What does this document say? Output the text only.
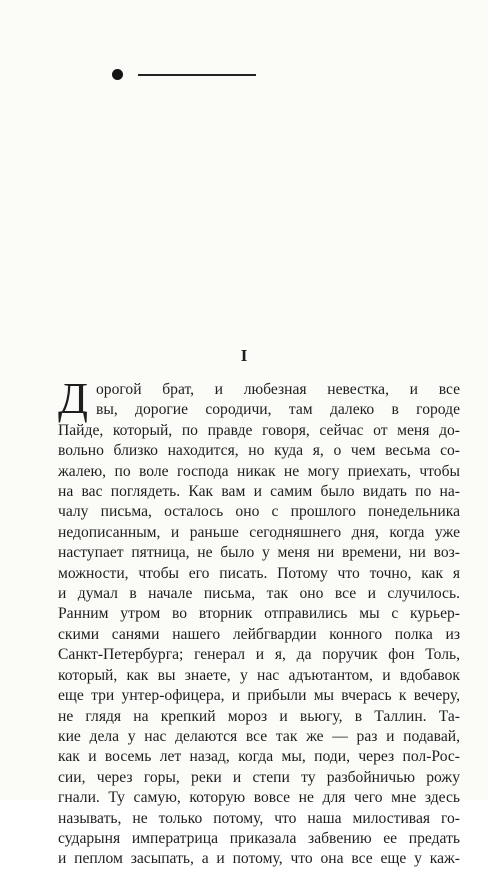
I
Д орогой брат, и любезная невестка, и все
вы, дорогие сородичи, там далеко в городе
Пайде, который, по правде говоря, сейчас от меня до-
вольно близко находится, но куда я, о чем весьма со-
жалею, по воле господа никак не могу приехать, чтобы
на вас поглядеть. Как вам и самим было видать по на-
чалу письма, осталось оно с прошлого понедельника
недописанным, и раньше сегодняшнего дня, когда уже
наступает пятница, не было у меня ни времени, ни воз-
можности, чтобы его писать. Потому что точно, как я
и думал в начале письма, так оно все и случилось.
Ранним утром во вторник отправились мы с курьер-
скими санями нашего лейбгвардии конного полка из
Санкт-Петербурга; генерал и я, да поручик фон Толь,
который, как вы знаете, у нас адъютантом, и вдобавок
еще три унтер-офицера, и прибыли мы вчерась к вечеру,
не глядя на крепкий мороз и вьюгу, в Таллин. Та-
кие дела у нас делаются все так же — раз и подавай,
как и восемь лет назад, когда мы, поди, через пол-Рос-
сии, через горы, реки и степи ту разбойничью рожу
гнали. Ту самую, которую вовсе не для чего мне здесь
называть, не только потому, что наша милостивая го-
сударыня императрица приказала забвению ее предать
и пеплом засыпать, а и потому, что она все еще у каж-
